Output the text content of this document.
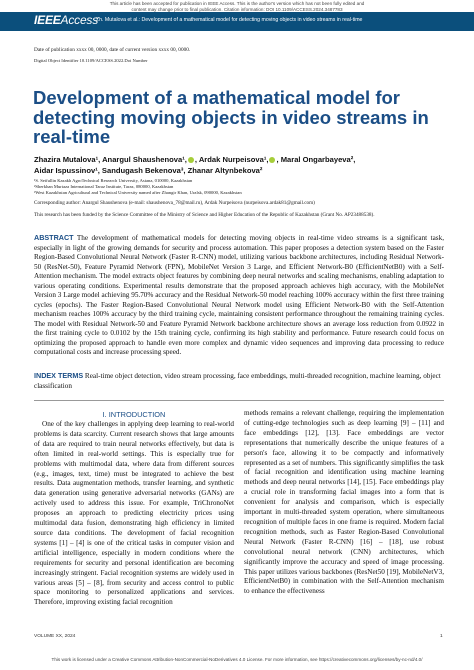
This article has been accepted for publication in IEEE Access. This is the author's version which has not been fully edited and
content may change prior to final publication. Citation information: DOI 10.1109/ACCESS.2024.3487783
IEEEAccess
Zh. Mutalova et al.: Development of a mathematical model for detecting moving objects in video streams in real-time
Date of publication xxxx 00, 0000, date of current version xxxx 00, 0000.
Digital Object Identifier 10.1109/ACCESS.2022.Doi Number
Development of a mathematical model for detecting moving objects in video streams in real-time
Zhazira Mutalova¹, Anargul Shaushenova¹, , Ardak Nurpeisova¹, , Maral Ongarbayeva²,
Aidar Ispussinov¹, Sandugash Bekenova³, Zhanar Altynbekova²
¹S. Seifullin Kazakh AgroTechnical Research University, Astana, 010000, Kazakhstan
²Sherkhan Murtaza International Taraz Institute, Taraz, 080000, Kazakhstan
³West Kazakhstan Agricultural and Technical University named after Zhangir Khan, Uralsk, 090000, Kazakhstan
Corresponding author: Anargul Shaushenova (e-mail: shaushenova_78@mail.ru), Ardak Nurpeisova (nurpeisova.ardak81@gmail.com)
This research has been funded by the Science Committee of the Ministry of Science and Higher Education of the Republic of Kazakhstan (Grant No. AP23488538).
ABSTRACT The development of mathematical models for detecting moving objects in real-time video streams is a significant task, especially in light of the growing demands for security and process automation. This paper proposes a detection system based on the Faster Region-Based Convolutional Neural Network (Faster R-CNN) model, utilizing various backbone architectures, including Residual Network-50 (ResNet-50), Feature Pyramid Network (FPN), MobileNet Version 3 Large, and Efficient Network-B0 (EfficientNetB0) with a Self-Attention mechanism. The model extracts object features by combining deep neural networks and scaling mechanisms, enabling adaptation to various operating conditions. Experimental results demonstrate that the proposed approach achieves high accuracy, with the MobileNet Version 3 Large model achieving 95.70% accuracy and the Residual Network-50 model reaching 100% accuracy within the first three training cycles (epochs). The Faster Region-Based Convolutional Neural Network model using Efficient Network-B0 with the Self-Attention mechanism reaches 100% accuracy by the third training cycle, maintaining consistent performance throughout the remaining training cycles. The model with Residual Network-50 and Feature Pyramid Network backbone architecture shows an average loss reduction from 0.0922 in the first training cycle to 0.0102 by the 15th training cycle, confirming its high stability and performance. Future research could focus on optimizing the proposed approach to handle even more complex and dynamic video sequences and improving data processing to reduce computational costs and increase processing speed.
INDEX TERMS Real-time object detection, video stream processing, face embeddings, multi-threaded recognition, machine learning, object classification
I. INTRODUCTION
One of the key challenges in applying deep learning to real-world problems is data scarcity. Current research shows that large amounts of data are required to train neural networks effectively, but data is often limited in real-world settings. This is especially true for problems with multimodal data, where data from different sources (e.g., images, text, time) must be integrated to achieve the best results. Data augmentation methods, transfer learning, and synthetic data generation using generative adversarial networks (GANs) are actively used to address this issue. For example, TriChronoNet proposes an approach to predicting electricity prices using multimodal data fusion, demonstrating high efficiency in limited source data conditions. The development of facial recognition systems [1] – [4] is one of the critical tasks in computer vision and artificial intelligence, especially in modern conditions where the requirements for security and personal identification are becoming increasingly stringent. Facial recognition systems are widely used in various areas [5] – [8], from security and access control to public space monitoring to personalized applications and services. Therefore, improving existing facial recognition
methods remains a relevant challenge, requiring the implementation of cutting-edge technologies such as deep learning [9] – [11] and face embeddings [12], [13]. Face embeddings are vector representations that numerically describe the unique features of a person's face, allowing it to be compactly and informatively represented as a set of numbers. This significantly simplifies the task of facial recognition and identification using machine learning methods and deep neural networks [14], [15]. Face embeddings play a crucial role in transforming facial images into a form that is convenient for analysis and comparison, which is especially important in multi-threaded system operation, where simultaneous recognition of multiple faces in one frame is required. Modern facial recognition methods, such as Faster Region-Based Convolutional Neural Network (Faster R-CNN) [16] – [18], use robust convolutional neural network (CNN) architectures, which significantly improve the accuracy and speed of image processing. This paper utilizes various backbones (ResNet50 [19], MobileNetV3, EfficientNetB0) in combination with the Self-Attention mechanism to enhance the effectiveness
VOLUME XX, 2024	1
This work is licensed under a Creative Commons Attribution-NonCommercial-NoDerivatives 4.0 License. For more information, see https://creativecommons.org/licenses/by-nc-nd/4.0/
